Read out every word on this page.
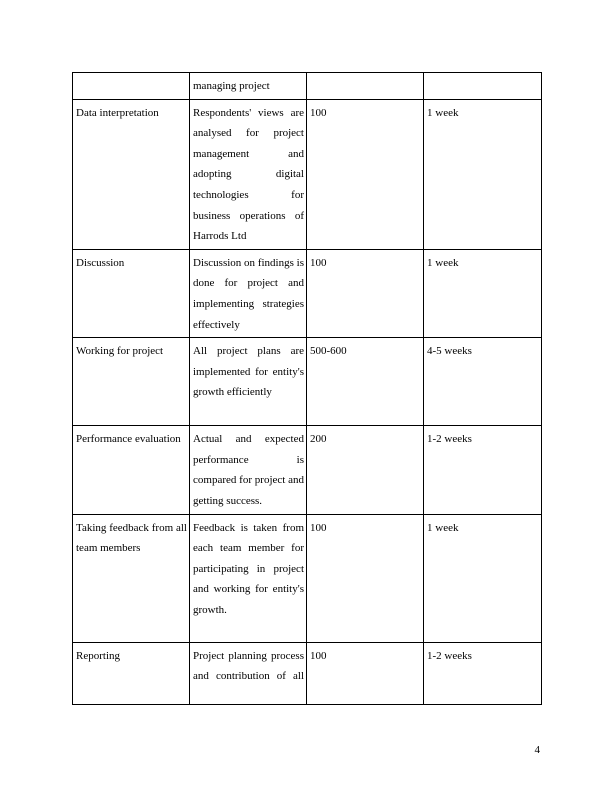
	managing project		
Data interpretation	Respondents' views are analysed for project management and adopting digital technologies for business operations of Harrods Ltd	100	1 week
Discussion	Discussion on findings is done for project and implementing strategies effectively	100	1 week
Working for project	All project plans are implemented for entity's growth efficiently	500-600	4-5 weeks
Performance evaluation	Actual and expected performance is compared for project and getting success.	200	1-2 weeks
Taking feedback from all team members	Feedback is taken from each team member for participating in project and working for entity's growth.	100	1 week
Reporting	Project planning process and contribution of all	100	1-2 weeks
4
